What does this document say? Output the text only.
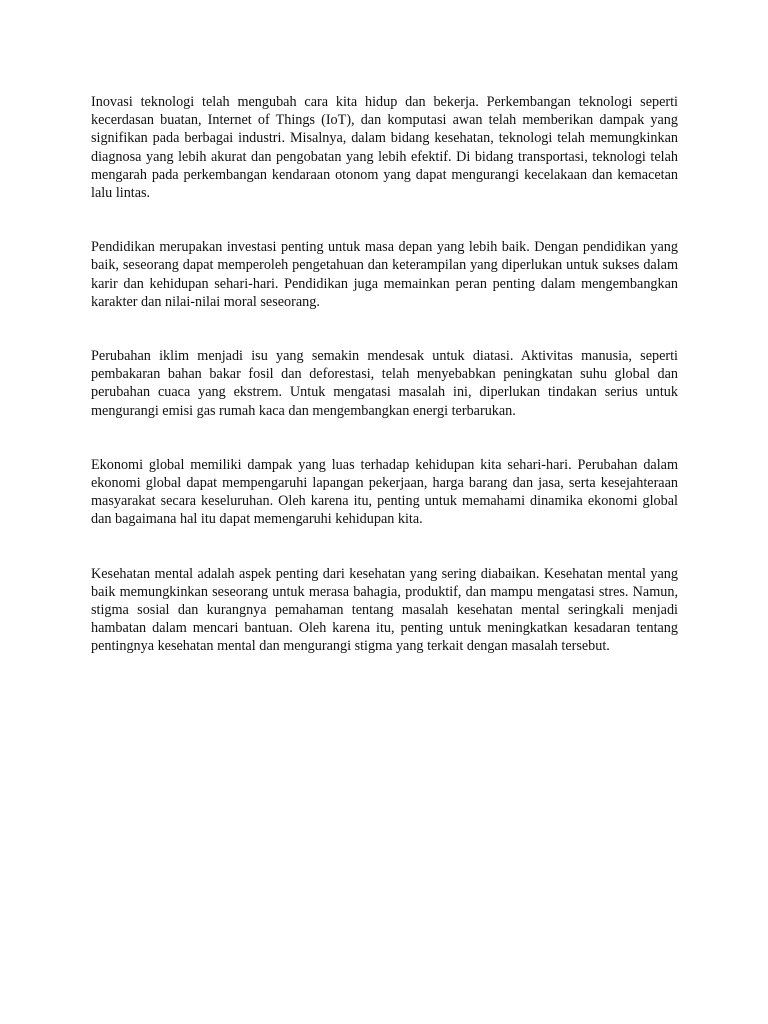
Inovasi teknologi telah mengubah cara kita hidup dan bekerja. Perkembangan teknologi seperti kecerdasan buatan, Internet of Things (IoT), dan komputasi awan telah memberikan dampak yang signifikan pada berbagai industri. Misalnya, dalam bidang kesehatan, teknologi telah memungkinkan diagnosa yang lebih akurat dan pengobatan yang lebih efektif. Di bidang transportasi, teknologi telah mengarah pada perkembangan kendaraan otonom yang dapat mengurangi kecelakaan dan kemacetan lalu lintas.

Pendidikan merupakan investasi penting untuk masa depan yang lebih baik. Dengan pendidikan yang baik, seseorang dapat memperoleh pengetahuan dan keterampilan yang diperlukan untuk sukses dalam karir dan kehidupan sehari-hari. Pendidikan juga memainkan peran penting dalam mengembangkan karakter dan nilai-nilai moral seseorang.

Perubahan iklim menjadi isu yang semakin mendesak untuk diatasi. Aktivitas manusia, seperti pembakaran bahan bakar fosil dan deforestasi, telah menyebabkan peningkatan suhu global dan perubahan cuaca yang ekstrem. Untuk mengatasi masalah ini, diperlukan tindakan serius untuk mengurangi emisi gas rumah kaca dan mengembangkan energi terbarukan.

Ekonomi global memiliki dampak yang luas terhadap kehidupan kita sehari-hari. Perubahan dalam ekonomi global dapat mempengaruhi lapangan pekerjaan, harga barang dan jasa, serta kesejahteraan masyarakat secara keseluruhan. Oleh karena itu, penting untuk memahami dinamika ekonomi global dan bagaimana hal itu dapat memengaruhi kehidupan kita.

Kesehatan mental adalah aspek penting dari kesehatan yang sering diabaikan. Kesehatan mental yang baik memungkinkan seseorang untuk merasa bahagia, produktif, dan mampu mengatasi stres. Namun, stigma sosial dan kurangnya pemahaman tentang masalah kesehatan mental seringkali menjadi hambatan dalam mencari bantuan. Oleh karena itu, penting untuk meningkatkan kesadaran tentang pentingnya kesehatan mental dan mengurangi stigma yang terkait dengan masalah tersebut.
